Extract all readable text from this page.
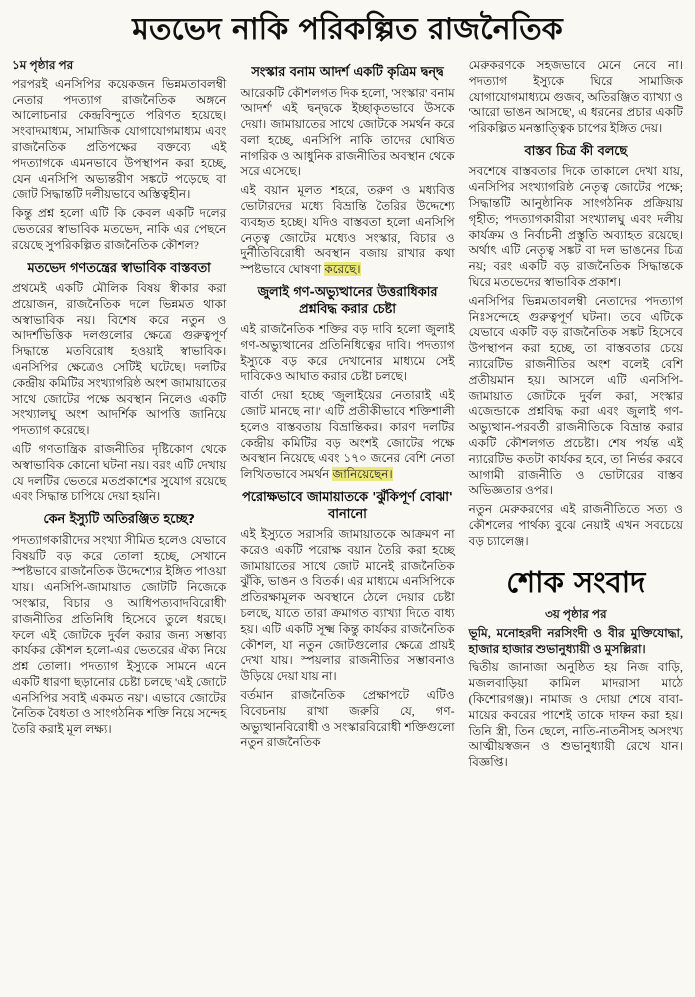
মতভেদ নাকি পরিকল্পিত রাজনৈতিক

১ম পৃষ্ঠার পর

পরপরই এনসিপির কয়েকজন ভিন্নমতাবলম্বী নেতার পদত্যাগ রাজনৈতিক অঙ্গনে আলোচনার কেন্দ্রবিন্দুতে পরিণত হয়েছে। সংবাদমাধ্যম, সামাজিক যোগাযোগমাধ্যম এবং রাজনৈতিক প্রতিপক্ষের বক্তব্যে এই পদত্যাগকে এমনভাবে উপস্থাপন করা হচ্ছে, যেন এনসিপি অভ্যন্তরীণ সঙ্কটে পড়েছে বা জোট সিদ্ধান্তটি দলীয়ভাবে অস্তিত্বহীন।

কিন্তু প্রশ্ন হলো এটি কি কেবল একটি দলের ভেতরের স্বাভাবিক মতভেদ, নাকি এর পেছনে রয়েছে সুপরিকল্পিত রাজনৈতিক কৌশল?

মতভেদ গণতন্ত্রের স্বাভাবিক বাস্তবতা

প্রথমেই একটি মৌলিক বিষয় স্বীকার করা প্রয়োজন, রাজনৈতিক দলে ভিন্নমত থাকা অস্বাভাবিক নয়। বিশেষ করে নতুন ও আদর্শভিত্তিক দলগুলোর ক্ষেত্রে গুরুত্বপূর্ণ সিদ্ধান্তে মতবিরোধ হওয়াই স্বাভাবিক। এনসিপির ক্ষেত্রেও সেটিই ঘটেছে। দলটির কেন্দ্রীয় কমিটির সংখ্যাগরিষ্ঠ অংশ জামায়াতের সাথে জোটের পক্ষে অবস্থান নিলেও একটি সংখ্যালঘু অংশ আদর্শিক আপত্তি জানিয়ে পদত্যাগ করেছে।

এটি গণতান্ত্রিক রাজনীতির দৃষ্টিকোণ থেকে অস্বাভাবিক কোনো ঘটনা নয়। বরং এটি দেখায় যে দলটির ভেতরে মতপ্রকাশের সুযোগ রয়েছে এবং সিদ্ধান্ত চাপিয়ে দেয়া হয়নি।

কেন ইস্যুটি অতিরঞ্জিত হচ্ছে?

পদত্যাগকারীদের সংখ্যা সীমিত হলেও যেভাবে বিষয়টি বড় করে তোলা হচ্ছে, সেখানে স্পষ্টভাবে রাজনৈতিক উদ্দেশ্যের ইঙ্গিত পাওয়া যায়। এনসিপি-জামায়াত জোটটি নিজেকে 'সংস্কার, বিচার ও আধিপত্যবাদবিরোধী' রাজনীতির প্রতিনিধি হিসেবে তুলে ধরছে। ফলে এই জোটকে দুর্বল করার জন্য সম্ভাব্য কার্যকর কৌশল হলো-এর ভেতরের ঐক্য নিয়ে প্রশ্ন তোলা। পদত্যাগ ইস্যুকে সামনে এনে একটি ধারণা ছড়ানোর চেষ্টা চলছে 'এই জোটে এনসিপির সবাই একমত নয়'। এভাবে জোটের নৈতিক বৈধতা ও সাংগঠনিক শক্তি নিয়ে সন্দেহ তৈরি করাই মূল লক্ষ্য।

সংস্কার বনাম আদর্শ একটি কৃত্রিম দ্বন্দ্ব

আরেকটি কৌশলগত দিক হলো, 'সংস্কার' বনাম 'আদর্শ' এই দ্বন্দ্বকে ইচ্ছাকৃতভাবে উসকে দেয়া। জামায়াতের সাথে জোটকে সমর্থন করে বলা হচ্ছে, এনসিপি নাকি তাদের ঘোষিত নাগরিক ও আধুনিক রাজনীতির অবস্থান থেকে সরে এসেছে।

এই বয়ান মূলত শহরে, তরুণ ও মধ্যবিত্ত ভোটারদের মধ্যে বিভ্রান্তি তৈরির উদ্দেশ্যে ব্যবহৃত হচ্ছে। যদিও বাস্তবতা হলো এনসিপি নেতৃত্ব জোটের মধ্যেও সংস্কার, বিচার ও দুর্নীতিবিরোধী অবস্থান বজায় রাখার কথা স্পষ্টভাবে ঘোষণা করেছে।

জুলাই গণ-অভ্যুত্থানের উত্তরাধিকার প্রশ্নবিদ্ধ করার চেষ্টা

এই রাজনৈতিক শক্তির বড় দাবি হলো জুলাই গণ-অভ্যুত্থানের প্রতিনিধিত্বের দাবি। পদত্যাগ ইস্যুকে বড় করে দেখানোর মাধ্যমে সেই দাবিকেও আঘাত করার চেষ্টা চলছে।

বার্তা দেয়া হচ্ছে 'জুলাইয়ের নেতারাই এই জোট মানছে না।' এটি প্রতীকীভাবে শক্তিশালী হলেও বাস্তবতায় বিভ্রান্তিকর। কারণ দলটির কেন্দ্রীয় কমিটির বড় অংশই জোটের পক্ষে অবস্থান নিয়েছে এবং ১৭০ জনের বেশি নেতা লিখিতভাবে সমর্থন জানিয়েছেন।

পরোক্ষভাবে জামায়াতকে 'ঝুঁকিপূর্ণ বোঝা' বানানো

এই ইস্যুতে সরাসরি জামায়াতকে আক্রমণ না করেও একটি পরোক্ষ বয়ান তৈরি করা হচ্ছে জামায়াতের সাথে জোট মানেই রাজনৈতিক ঝুঁকি, ভাঙন ও বিতর্ক। এর মাধ্যমে এনসিপিকে প্রতিরক্ষামূলক অবস্থানে ঠেলে দেয়ার চেষ্টা চলছে, যাতে তারা ক্রমাগত ব্যাখ্যা দিতে বাধ্য হয়। এটি একটি সূক্ষ্ম কিন্তু কার্যকর রাজনৈতিক কৌশল, যা নতুন জোটগুলোর ক্ষেত্রে প্রায়ই দেখা যায়। স্পয়লার রাজনীতির সম্ভাবনাও উড়িয়ে দেয়া যায় না।

বর্তমান রাজনৈতিক প্রেক্ষাপটে এটিও বিবেচনায় রাখা জরুরি যে, গণ-অভ্যুত্থানবিরোধী ও সংস্কারবিরোধী শক্তিগুলো নতুন রাজনৈতিক

মেরুকরণকে সহজভাবে মেনে নেবে না। পদত্যাগ ইস্যুকে ঘিরে সামাজিক যোগাযোগমাধ্যমে গুজব, অতিরঞ্জিত ব্যাখ্যা ও 'আরো ভাঙন আসছে', এ ধরনের প্রচার একটি পরিকল্পিত মনস্তাত্ত্বিক চাপের ইঙ্গিত দেয়।

বাস্তব চিত্র কী বলছে

সবশেষে বাস্তবতার দিকে তাকালে দেখা যায়, এনসিপির সংখ্যাগরিষ্ঠ নেতৃত্ব জোটের পক্ষে; সিদ্ধান্তটি আনুষ্ঠানিক সাংগঠনিক প্রক্রিয়ায় গৃহীত; পদত্যাগকারীরা সংখ্যালঘু এবং দলীয় কার্যক্রম ও নির্বাচনী প্রস্তুতি অব্যাহত রয়েছে। অর্থাৎ এটি নেতৃত্ব সঙ্কট বা দল ভাঙনের চিত্র নয়; বরং একটি বড় রাজনৈতিক সিদ্ধান্তকে ঘিরে মতভেদের স্বাভাবিক প্রকাশ।

এনসিপির ভিন্নমতাবলম্বী নেতাদের পদত্যাগ নিঃসন্দেহে গুরুত্বপূর্ণ ঘটনা। তবে এটিকে যেভাবে একটি বড় রাজনৈতিক সঙ্কট হিসেবে উপস্থাপন করা হচ্ছে, তা বাস্তবতার চেয়ে ন্যারেটিভ রাজনীতির অংশ বলেই বেশি প্রতীয়মান হয়। আসলে এটি এনসিপি-জামায়াত জোটকে দুর্বল করা, সংস্কার এজেন্ডাকে প্রশ্নবিদ্ধ করা এবং জুলাই গণ-অভ্যুত্থান-পরবর্তী রাজনীতিকে বিভ্রান্ত করার একটি কৌশলগত প্রচেষ্টা। শেষ পর্যন্ত এই ন্যারেটিভ কতটা কার্যকর হবে, তা নির্ভর করবে আগামী রাজনীতি ও ভোটারের বাস্তব অভিজ্ঞতার ওপর।

নতুন মেরুকরণের এই রাজনীতিতে সত্য ও কৌশলের পার্থক্য বুঝে নেয়াই এখন সবচেয়ে বড় চ্যালেঞ্জ।

শোক সংবাদ

৩য় পৃষ্ঠার পর

ভূমি, মনোহরদী নরসিংদী ও বীর মুক্তিযোদ্ধা, হাজার হাজার শুভানুধ্যায়ী ও মুসল্লিরা।

দ্বিতীয় জানাজা অনুষ্ঠিত হয় নিজ বাড়ি, মজলবাড়িয়া কামিল মাদরাসা মাঠে (কিশোরগঞ্জ)। নামাজ ও দোয়া শেষে বাবা-মায়ের কবরের পাশেই তাকে দাফন করা হয়। তিনি স্ত্রী, তিন ছেলে, নাতি-নাতনীসহ অসংখ্য আত্মীয়স্বজন ও শুভানুধ্যায়ী রেখে যান। বিজ্ঞপ্তি।
